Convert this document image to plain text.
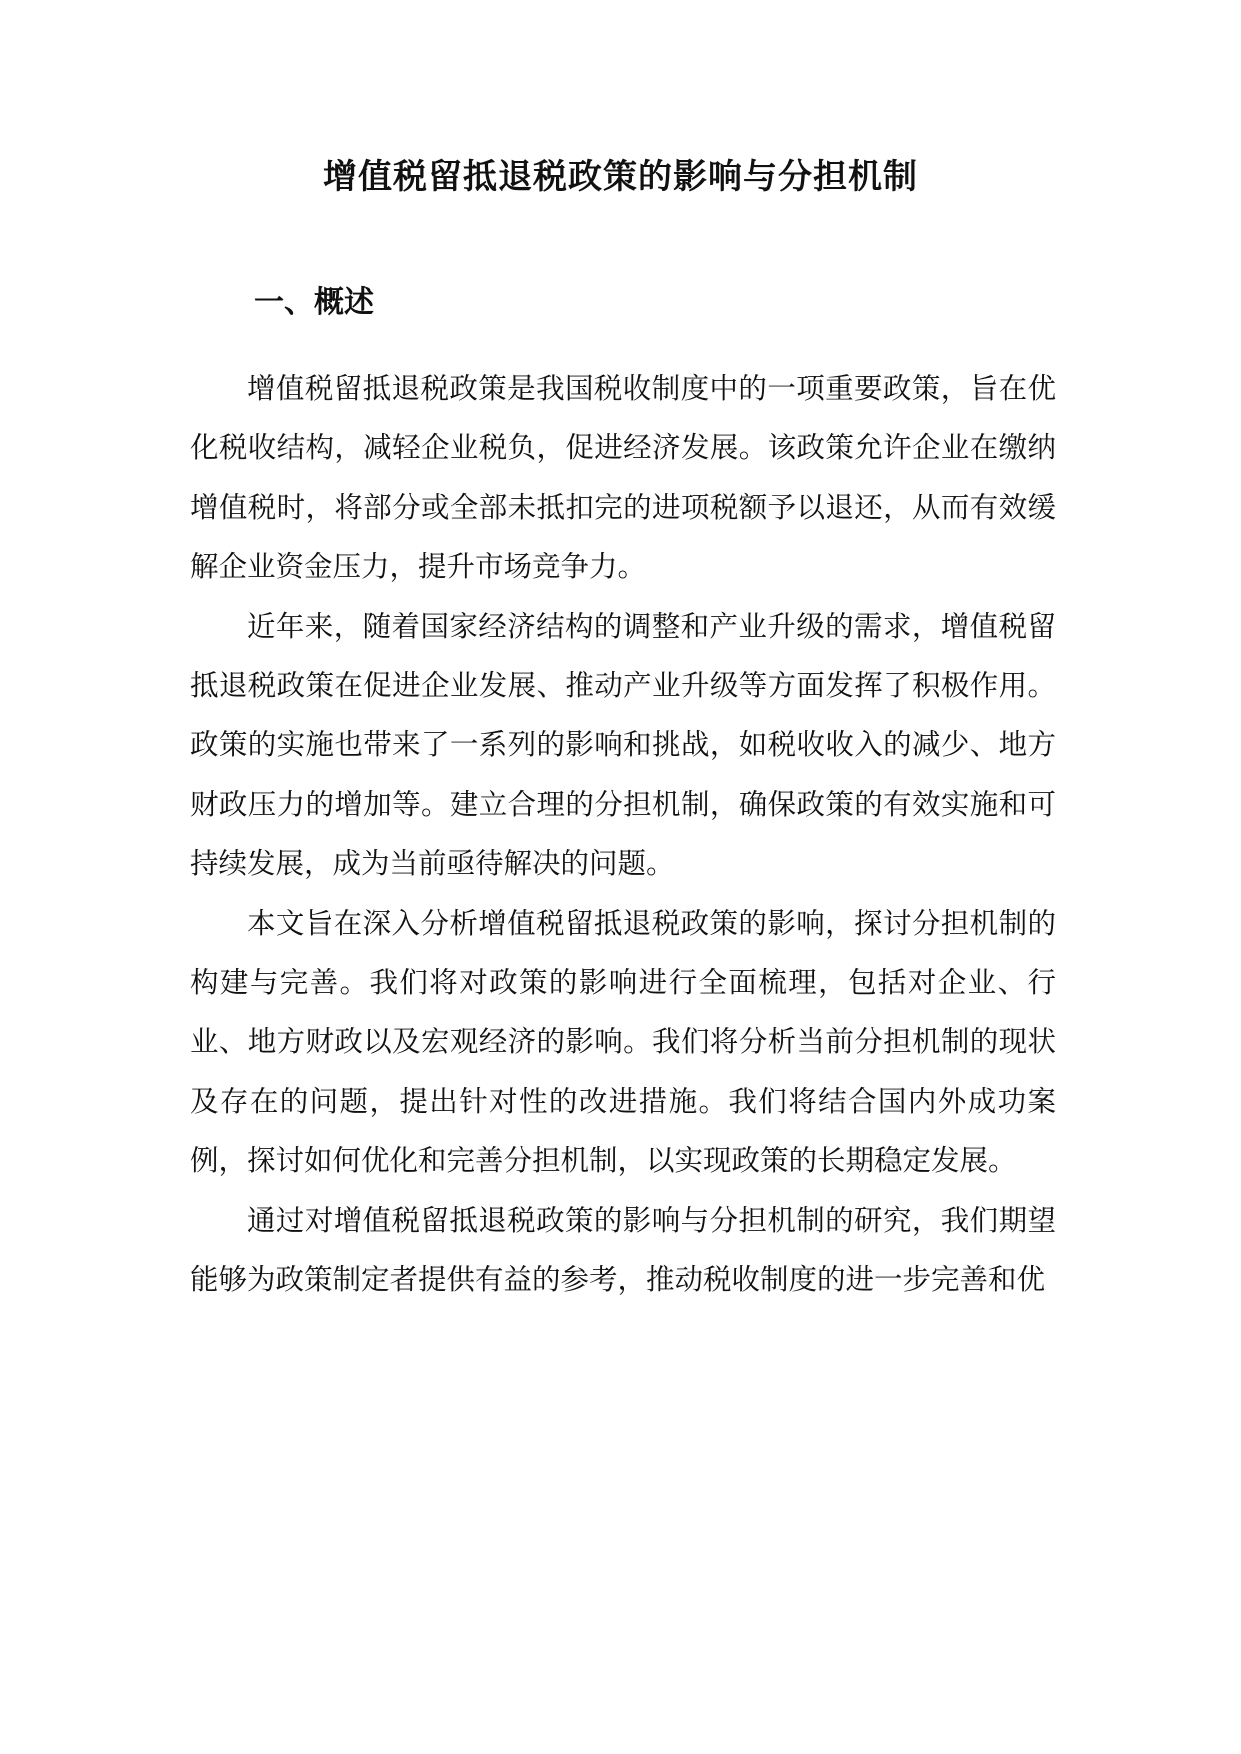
增值税留抵退税政策的影响与分担机制
一、概述

增值税留抵退税政策是我国税收制度中的一项重要政策，旨在优化税收结构，减轻企业税负，促进经济发展。该政策允许企业在缴纳增值税时，将部分或全部未抵扣完的进项税额予以退还，从而有效缓解企业资金压力，提升市场竞争力。

近年来，随着国家经济结构的调整和产业升级的需求，增值税留抵退税政策在促进企业发展、推动产业升级等方面发挥了积极作用。政策的实施也带来了一系列的影响和挑战，如税收收入的减少、地方财政压力的增加等。建立合理的分担机制，确保政策的有效实施和可持续发展，成为当前亟待解决的问题。

本文旨在深入分析增值税留抵退税政策的影响，探讨分担机制的构建与完善。我们将对政策的影响进行全面梳理，包括对企业、行业、地方财政以及宏观经济的影响。我们将分析当前分担机制的现状及存在的问题，提出针对性的改进措施。我们将结合国内外成功案例，探讨如何优化和完善分担机制，以实现政策的长期稳定发展。

通过对增值税留抵退税政策的影响与分担机制的研究，我们期望能够为政策制定者提供有益的参考，推动税收制度的进一步完善和优
